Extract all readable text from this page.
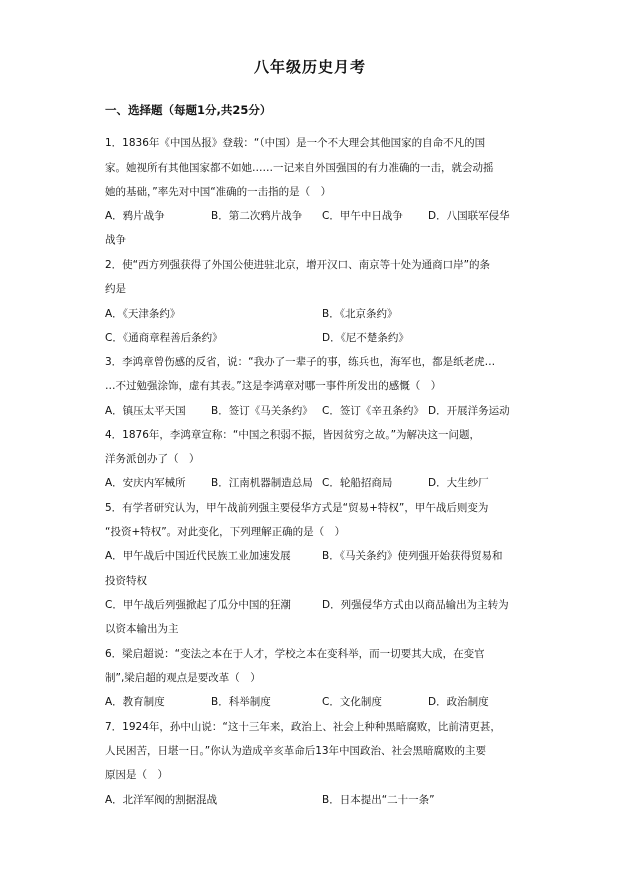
八年级历史月考
一、选择题（每题1分,共25分）
1．1836年《中国丛报》登载：“（中国）是一个不大理会其他国家的自命不凡的国
家。她视所有其他国家都不如她……一记来自外国强国的有力准确的一击，就会动摇
她的基础，”率先对中国“准确的一击指的是（　）
A．鸦片战争	B．第二次鸦片战争 C．甲午中日战争 D．八国联军侵华
战争
2．使“西方列强获得了外国公使进驻北京，增开汉口、南京等十处为通商口岸”的条
约是
A．《天津条约》	B．《北京条约》
C．《通商章程善后条约》	D．《尼不楚条约》
3．李鸿章曾伤感的反省，说：“我办了一辈子的事，练兵也，海军也，都是纸老虎…
…不过勉强涂饰，虚有其表。”这是李鸿章对哪一事件所发出的感慨（　）
A．镇压太平天国 B．签订《马关条约》 C．签订《辛丑条约》 D．开展洋务运动
4．1876年，李鸿章宣称：“中国之积弱不振，皆因贫穷之故。”为解决这一问题，
洋务派创办了（　）
A．安庆内军械所 B．江南机器制造总局 C．轮船招商局	D．大生纱厂
5．有学者研究认为，甲午战前列强主要侵华方式是“贸易+特权”，甲午战后则变为
“投资+特权”。对此变化，下列理解正确的是（　）
A．甲午战后中国近代民族工业加速发展	B．《马关条约》使列强开始获得贸易和
投资特权
C．甲午战后列强掀起了瓜分中国的狂潮	D．列强侵华方式由以商品输出为主转为
以资本输出为主
6．梁启超说：“变法之本在于人才，学校之本在变科举，而一切要其大成，在变官
制”,梁启超的观点是要改革（　）
A．教育制度	B．科举制度	C．文化制度	D．政治制度
7．1924年，孙中山说：“这十三年来，政治上、社会上种种黑暗腐败，比前清更甚，
人民困苦，日堪一日。”你认为造成辛亥革命后13年中国政治、社会黑暗腐败的主要
原因是（　）
A．北洋军阀的割据混战	B．日本提出“二十一条”
